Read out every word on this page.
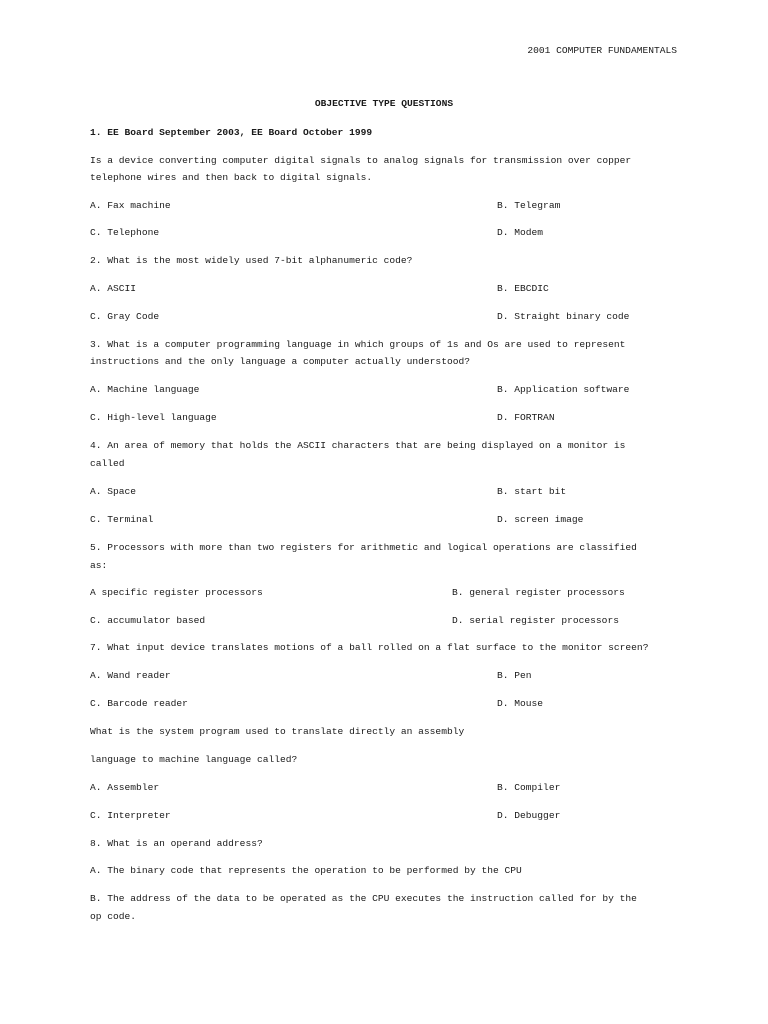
2001 COMPUTER FUNDAMENTALS

OBJECTIVE TYPE QUESTIONS

1. EE Board September 2003, EE Board October 1999

Is a device converting computer digital signals to analog signals for transmission over copper

telephone wires and then back to digital signals.

A. Fax machine	B. Telegram

C. Telephone	D. Modem

2. What is the most widely used 7-bit alphanumeric code?

A. ASCII	B. EBCDIC

C. Gray Code	D. Straight binary code

3. What is a computer programming language in which groups of 1s and Os are used to represent

instructions and the only language a computer actually understood?

A. Machine language	B. Application software

C. High-level language	D. FORTRAN

4. An area of memory that holds the ASCII characters that are being displayed on a monitor is

called

A. Space	B. start bit

C. Terminal	D. screen image

5. Processors with more than two registers for arithmetic and logical operations are classified

as:

A specific register processors	B. general register processors

C. accumulator based	D. serial register processors

7. What input device translates motions of a ball rolled on a flat surface to the monitor screen?

A. Wand reader	B. Pen

C. Barcode reader	D. Mouse

What is the system program used to translate directly an assembly

language to machine language called?

A. Assembler	B. Compiler

C. Interpreter	D. Debugger

8. What is an operand address?

A. The binary code that represents the operation to be performed by the CPU

B. The address of the data to be operated as the CPU executes the instruction called for by the

op code.
